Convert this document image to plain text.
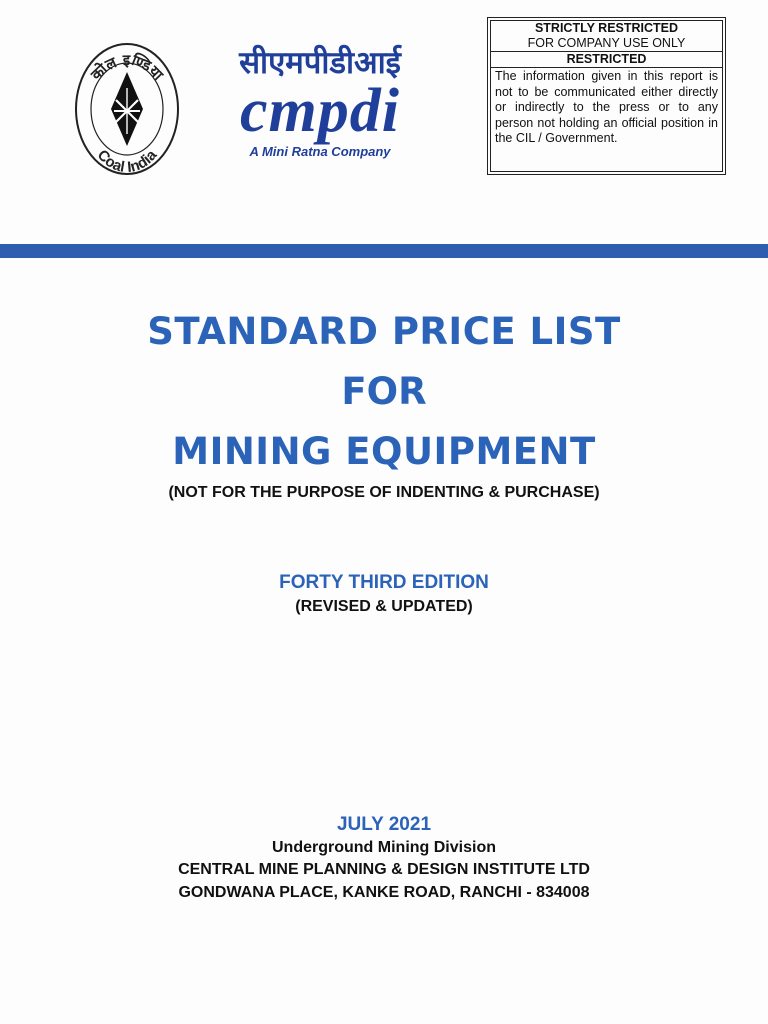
कोल इण्डिया
Coal India
सीएमपीडीआई
cmpdi
A Mini Ratna Company
STRICTLY RESTRICTED
FOR COMPANY USE ONLY
RESTRICTED
The information given in this report is not to be communicated either directly or indirectly to the press or to any person not holding an official position in the CIL / Government.
STANDARD PRICE LIST
FOR
MINING EQUIPMENT
(NOT FOR THE PURPOSE OF INDENTING & PURCHASE)
FORTY THIRD EDITION
(REVISED & UPDATED)
JULY 2021
Underground Mining Division
CENTRAL MINE PLANNING & DESIGN INSTITUTE LTD
GONDWANA PLACE, KANKE ROAD, RANCHI - 834008
